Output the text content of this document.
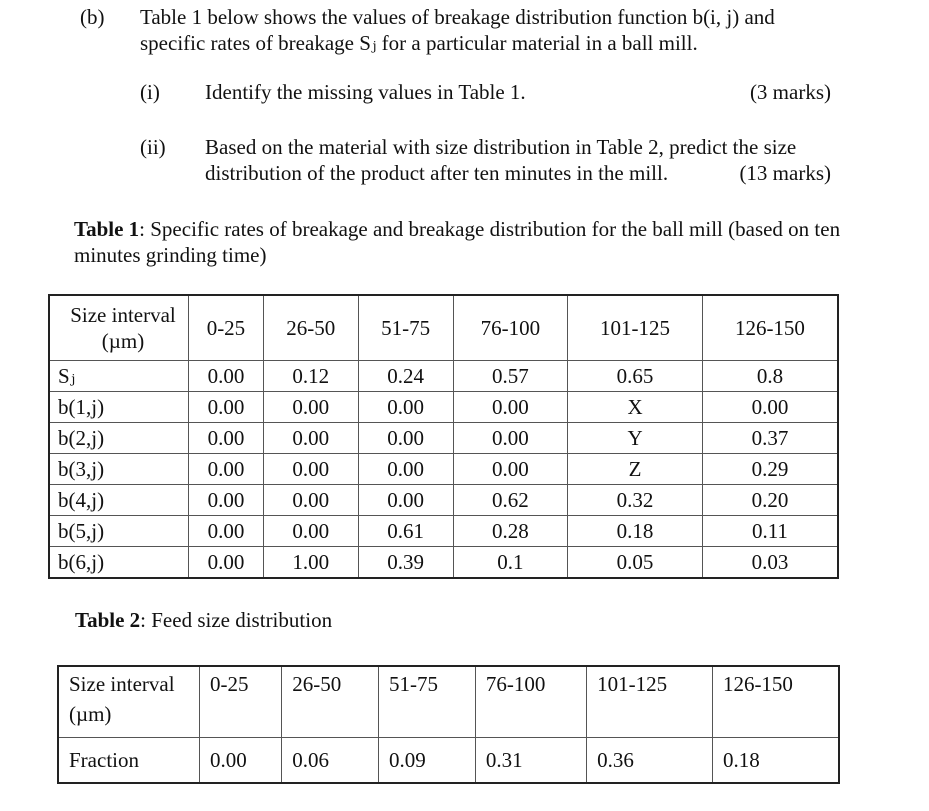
(b) Table 1 below shows the values of breakage distribution function b(i, j) and specific rates of breakage Sⱼ for a particular material in a ball mill.
(i) Identify the missing values in Table 1.	(3 marks)
(ii) Based on the material with size distribution in Table 2, predict the size
distribution of the product after ten minutes in the mill.	(13 marks)
Table 1: Specific rates of breakage and breakage distribution for the ball mill (based on ten minutes grinding time)
Size interval (µm)	0-25	26-50	51-75	76-100	101-125	126-150
Sⱼ	0.00	0.12	0.24	0.57	0.65	0.8
b(1,j)	0.00	0.00	0.00	0.00	X	0.00
b(2,j)	0.00	0.00	0.00	0.00	Y	0.37
b(3,j)	0.00	0.00	0.00	0.00	Z	0.29
b(4,j)	0.00	0.00	0.00	0.62	0.32	0.20
b(5,j)	0.00	0.00	0.61	0.28	0.18	0.11
b(6,j)	0.00	1.00	0.39	0.1	0.05	0.03
Table 2: Feed size distribution
Size interval
(µm)	0-25	26-50	51-75	76-100	101-125	126-150
Fraction	0.00	0.06	0.09	0.31	0.36	0.18
